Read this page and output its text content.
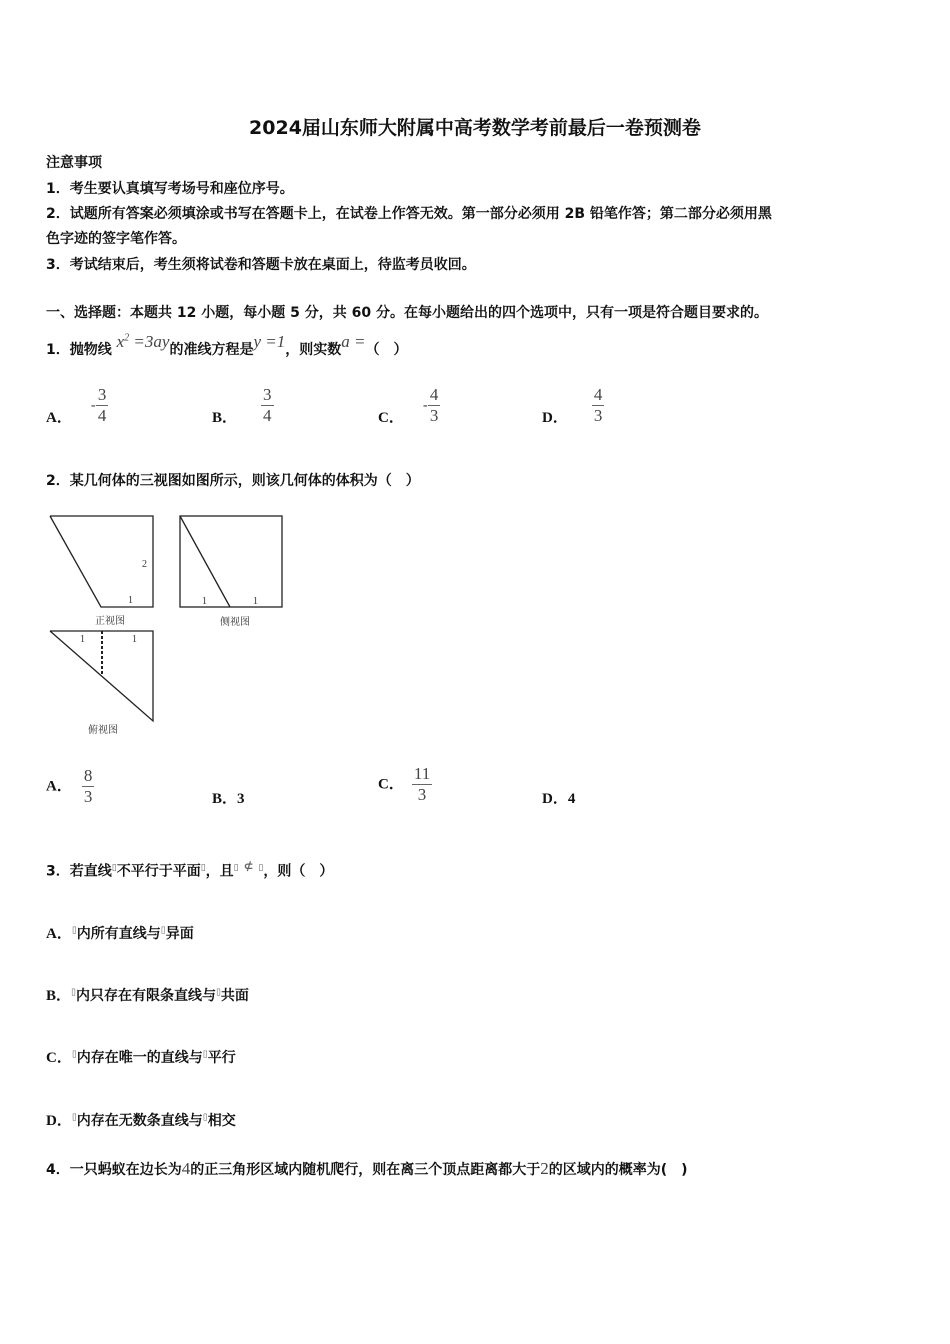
2024届山东师大附属中高考数学考前最后一卷预测卷
注意事项
1．考生要认真填写考场号和座位序号。
2．试题所有答案必须填涂或书写在答题卡上，在试卷上作答无效。第一部分必须用 2B 铅笔作答；第二部分必须用黑
色字迹的签字笔作答。
3．考试结束后，考生须将试卷和答题卡放在桌面上，待监考员收回。
一、选择题：本题共 12 小题，每小题 5 分，共 60 分。在每小题给出的四个选项中，只有一项是符合题目要求的。
1．抛物线 $x^2 =3ay$的准线方程是y =1，则实数a =（　）
A．- $\frac{3}{4}$	B． $\frac{3}{4}$	C．- $\frac{4}{3}$	D． $\frac{4}{3}$
2．某几何体的三视图如图所示，则该几何体的体积为（　）
2
1
正视图
1	1
侧视图
1	1
俯视图
A． $\frac{8}{3}$	B．3
C． $\frac{11}{3}$	D．4
3．若直线▯不平行于平面▯，且▯ ⊄ ▯，则（　）
A．▯内所有直线与▯异面
B．▯内只存在有限条直线与▯共面
C．▯内存在唯一的直线与▯平行
D．▯内存在无数条直线与▯相交
4．一只蚂蚁在边长为4的正三角形区域内随机爬行，则在离三个顶点距离都大于2的区域内的概率为(　)
